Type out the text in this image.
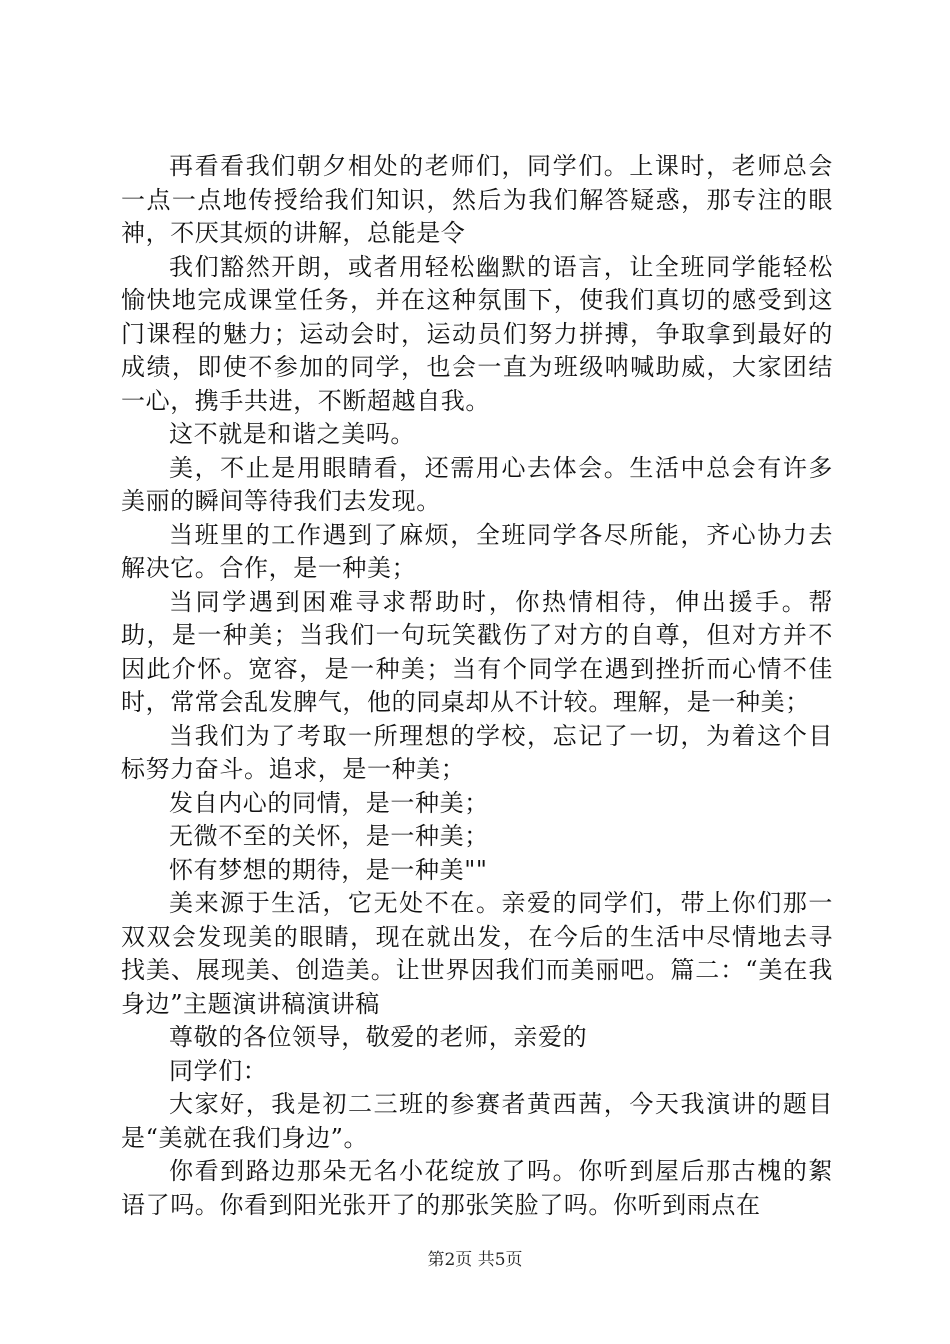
再看看我们朝夕相处的老师们，同学们。上课时，老师总会一点一点地传授给我们知识，然后为我们解答疑惑，那专注的眼神，不厌其烦的讲解，总能是令

我们豁然开朗，或者用轻松幽默的语言，让全班同学能轻松愉快地完成课堂任务，并在这种氛围下，使我们真切的感受到这门课程的魅力；运动会时，运动员们努力拼搏，争取拿到最好的成绩，即使不参加的同学，也会一直为班级呐喊助威，大家团结一心，携手共进，不断超越自我。

这不就是和谐之美吗。

美，不止是用眼睛看，还需用心去体会。生活中总会有许多美丽的瞬间等待我们去发现。

当班里的工作遇到了麻烦，全班同学各尽所能，齐心协力去解决它。合作，是一种美；

当同学遇到困难寻求帮助时，你热情相待，伸出援手。帮助，是一种美；当我们一句玩笑戳伤了对方的自尊，但对方并不因此介怀。宽容，是一种美；当有个同学在遇到挫折而心情不佳时，常常会乱发脾气，他的同桌却从不计较。理解，是一种美；

当我们为了考取一所理想的学校，忘记了一切，为着这个目标努力奋斗。追求，是一种美；

发自内心的同情，是一种美；

无微不至的关怀，是一种美；

怀有梦想的期待，是一种美""

美来源于生活，它无处不在。亲爱的同学们，带上你们那一双双会发现美的眼睛，现在就出发，在今后的生活中尽情地去寻找美、展现美、创造美。让世界因我们而美丽吧。篇二：“美在我身边”主题演讲稿演讲稿

尊敬的各位领导，敬爱的老师，亲爱的

同学们：

大家好，我是初二三班的参赛者黄西茜，今天我演讲的题目是“美就在我们身边”。

你看到路边那朵无名小花绽放了吗。你听到屋后那古槐的絮语了吗。你看到阳光张开了的那张笑脸了吗。你听到雨点在

第2页 共5页
